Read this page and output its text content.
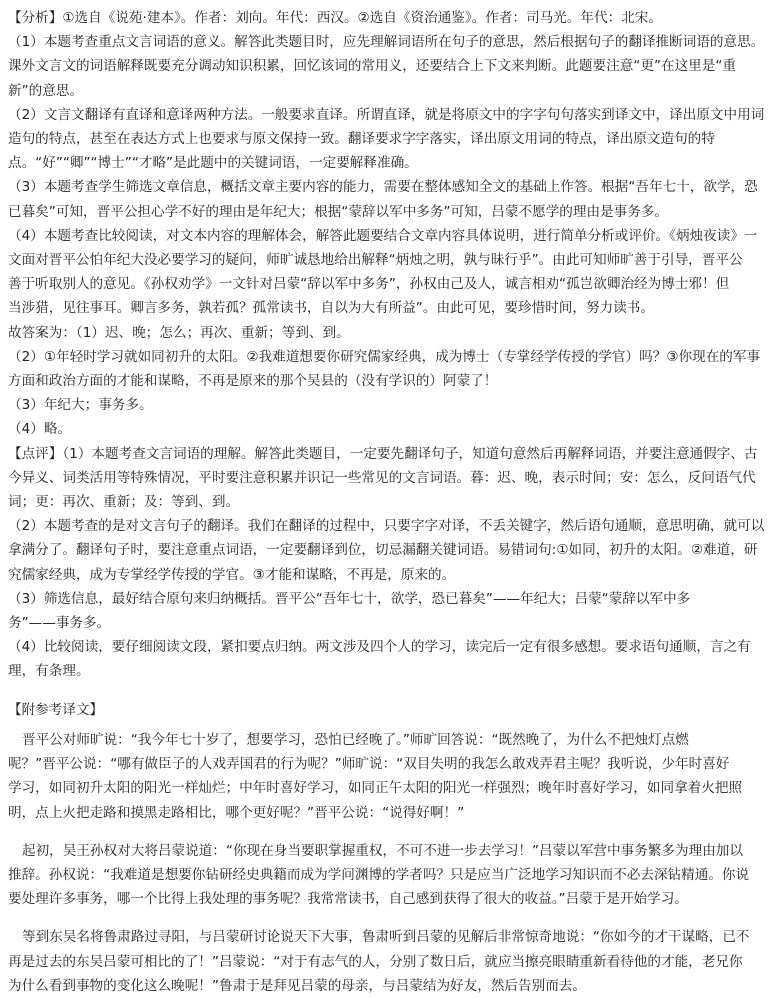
【分析】①选自《说苑·建本》。作者：刘向。年代：西汉。②选自《资治通鉴》。作者：司马光。年代：北宋。
（1）本题考查重点文言词语的意义。解答此类题目时，应先理解词语所在句子的意思，然后根据句子的翻译推断词语的意思。
课外文言文的词语解释既要充分调动知识积累，回忆该词的常用义，还要结合上下文来判断。此题要注意“更”在这里是“重
新”的意思。
（2）文言文翻译有直译和意译两种方法。一般要求直译。所谓直译，就是将原文中的字字句句落实到译文中，译出原文中用词
造句的特点，甚至在表达方式上也要求与原文保持一致。翻译要求字字落实，译出原文用词的特点，译出原文造句的特
点。“好”“卿”“博士”“才略”是此题中的关键词语，一定要解释准确。
（3）本题考查学生筛选文章信息，概括文章主要内容的能力，需要在整体感知全文的基础上作答。根据“吾年七十，欲学，恐
已暮矣”可知，晋平公担心学不好的理由是年纪大；根据“蒙辞以军中多务”可知，吕蒙不愿学的理由是事务多。
（4）本题考查比较阅读，对文本内容的理解体会，解答此题要结合文章内容具体说明，进行简单分析或评价。《炳烛夜读》一
文面对晋平公怕年纪大没必要学习的疑问，师旷诚恳地给出解释“炳烛之明，孰与昧行乎”。由此可知师旷善于引导，晋平公
善于听取别人的意见。《孙权劝学》一文针对吕蒙“辞以军中多务”，孙权由己及人，诚言相劝“孤岂欲卿治经为博士邪！但
当涉猎，见往事耳。卿言多务，孰若孤？孤常读书，自以为大有所益”。由此可见，要珍惜时间，努力读书。
故答案为：（1）迟、晚；怎么；再次、重新；等到、到。
（2）①年轻时学习就如同初升的太阳。②我难道想要你研究儒家经典，成为博士（专掌经学传授的学官）吗？③你现在的军事
方面和政治方面的才能和谋略，不再是原来的那个吴县的（没有学识的）阿蒙了！
（3）年纪大；事务多。
（4）略。
【点评】（1）本题考查文言词语的理解。解答此类题目，一定要先翻译句子，知道句意然后再解释词语，并要注意通假字、古
今异义、词类活用等特殊情况，平时要注意积累并识记一些常见的文言词语。暮：迟、晚，表示时间；安：怎么，反问语气代
词；更：再次、重新；及：等到、到。
（2）本题考查的是对文言句子的翻译。我们在翻译的过程中，只要字字对译，不丢关键字，然后语句通顺，意思明确，就可以
拿满分了。翻译句子时，要注意重点词语，一定要翻译到位，切忌漏翻关键词语。易错词句:①如同，初升的太阳。②难道，研
究儒家经典，成为专掌经学传授的学官。③才能和谋略，不再是，原来的。
（3）筛选信息，最好结合原句来归纳概括。晋平公“吾年七十，欲学，恐已暮矣”——年纪大；吕蒙“蒙辞以军中多
务”——事务多。
（4）比较阅读，要仔细阅读文段，紧扣要点归纳。两文涉及四个人的学习，读完后一定有很多感想。要求语句通顺，言之有
理，有条理。
【附参考译文】
晋平公对师旷说：“我今年七十岁了，想要学习，恐怕已经晚了。”师旷回答说：“既然晚了，为什么不把烛灯点燃
呢？”晋平公说：“哪有做臣子的人戏弄国君的行为呢？”师旷说：“双目失明的我怎么敢戏弄君主呢？我听说，少年时喜好
学习，如同初升太阳的阳光一样灿烂；中年时喜好学习，如同正午太阳的阳光一样强烈；晚年时喜好学习，如同拿着火把照
明，点上火把走路和摸黑走路相比，哪个更好呢？”晋平公说：“说得好啊！”
起初，吴王孙权对大将吕蒙说道：“你现在身当要职掌握重权，不可不进一步去学习！”吕蒙以军营中事务繁多为理由加以
推辞。孙权说：“我难道是想要你钻研经史典籍而成为学问渊博的学者吗？只是应当广泛地学习知识而不必去深钻精通。你说
要处理许多事务，哪一个比得上我处理的事务呢？我常常读书，自己感到获得了很大的收益。”吕蒙于是开始学习。
等到东吴名将鲁肃路过寻阳，与吕蒙研讨论说天下大事，鲁肃听到吕蒙的见解后非常惊奇地说：“你如今的才干谋略，已不
再是过去的东吴吕蒙可相比的了！”吕蒙说：“对于有志气的人，分别了数日后，就应当擦亮眼睛重新看待他的才能，老兄你
为什么看到事物的变化这么晚呢！”鲁肃于是拜见吕蒙的母亲，与吕蒙结为好友，然后告别而去。
